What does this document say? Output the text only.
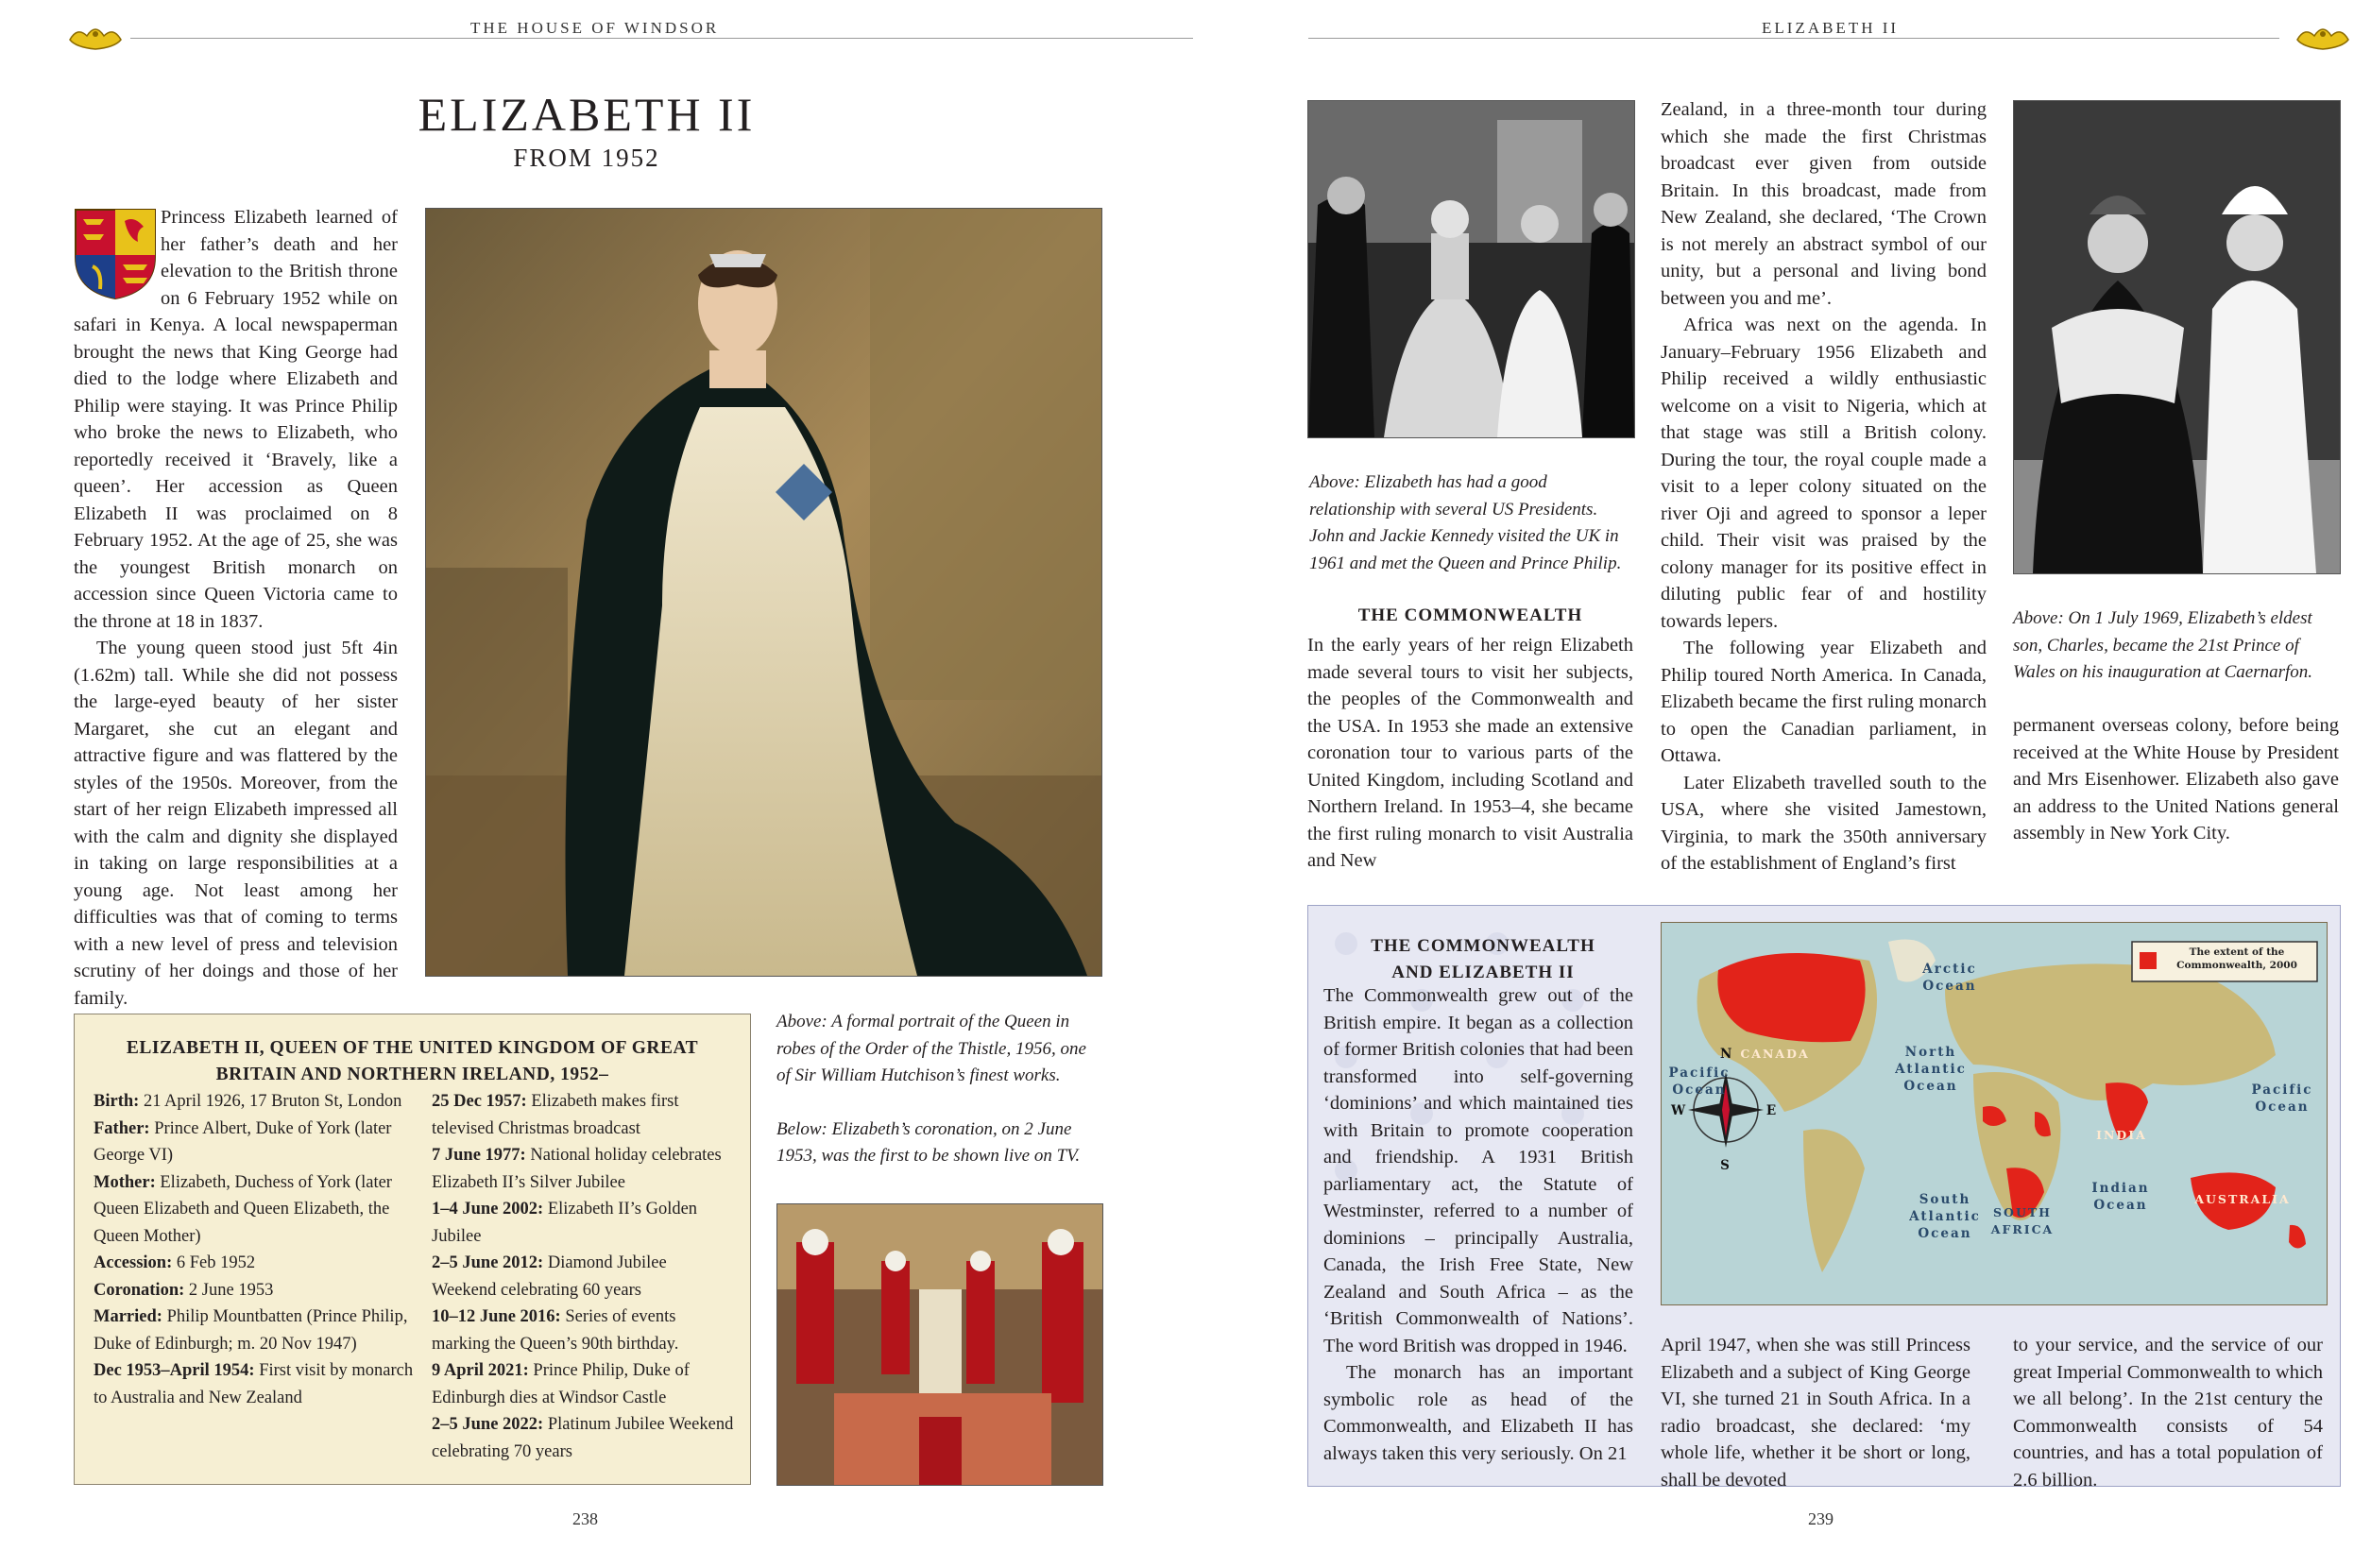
THE HOUSE OF WINDSOR
ELIZABETH II
FROM 1952

Princess Elizabeth learned of her father’s death and her elevation to the British throne on 6 February 1952 while on safari in Kenya. A local newspaperman brought the news that King George had died to the lodge where Elizabeth and Philip were staying. It was Prince Philip who broke the news to Elizabeth, who reportedly received it ‘Bravely, like a queen’. Her accession as Queen Elizabeth II was proclaimed on 8 February 1952. At the age of 25, she was the youngest British monarch on accession since Queen Victoria came to the throne at 18 in 1837.

The young queen stood just 5ft 4in (1.62m) tall. While she did not possess the large-eyed beauty of her sister Margaret, she cut an elegant and attractive figure and was flattered by the styles of the 1950s. Moreover, from the start of her reign Elizabeth impressed all with the calm and dignity she displayed in taking on large responsibilities at a young age. Not least among her difficulties was that of coming to terms with a new level of press and television scrutiny of her doings and those of her family.

Above: A formal portrait of the Queen in robes of the Order of the Thistle, 1956, one of Sir William Hutchison’s finest works.

Below: Elizabeth’s coronation, on 2 June 1953, was the first to be shown live on TV.

ELIZABETH II, QUEEN OF THE UNITED KINGDOM OF GREAT BRITAIN AND NORTHERN IRELAND, 1952–
Birth: 21 April 1926, 17 Bruton St, London
Father: Prince Albert, Duke of York (later George VI)
Mother: Elizabeth, Duchess of York (later Queen Elizabeth and Queen Elizabeth, the Queen Mother)
Accession: 6 Feb 1952
Coronation: 2 June 1953
Married: Philip Mountbatten (Prince Philip, Duke of Edinburgh; m. 20 Nov 1947)
Dec 1953–April 1954: First visit by monarch to Australia and New Zealand
25 Dec 1957: Elizabeth makes first televised Christmas broadcast
7 June 1977: National holiday celebrates Elizabeth II’s Silver Jubilee
1–4 June 2002: Elizabeth II’s Golden Jubilee
2–5 June 2012: Diamond Jubilee Weekend celebrating 60 years
10–12 June 2016: Series of events marking the Queen’s 90th birthday.
9 April 2021: Prince Philip, Duke of Edinburgh dies at Windsor Castle
2–5 June 2022: Platinum Jubilee Weekend celebrating 70 years
238
ELIZABETH II
Above: Elizabeth has had a good relationship with several US Presidents. John and Jackie Kennedy visited the UK in 1961 and met the Queen and Prince Philip.
THE COMMONWEALTH

In the early years of her reign Elizabeth made several tours to visit her subjects, the peoples of the Commonwealth and the USA. In 1953 she made an extensive coronation tour to various parts of the United Kingdom, including Scotland and Northern Ireland. In 1953–4, she became the first ruling monarch to visit Australia and New

Zealand, in a three-month tour during which she made the first Christmas broadcast ever given from outside Britain. In this broadcast, made from New Zealand, she declared, ‘The Crown is not merely an abstract symbol of our unity, but a personal and living bond between you and me’.

Africa was next on the agenda. In January–February 1956 Elizabeth and Philip received a wildly enthusiastic welcome on a visit to Nigeria, which at that stage was still a British colony. During the tour, the royal couple made a visit to a leper colony situated on the river Oji and agreed to sponsor a leper child. Their visit was praised by the colony manager for its positive effect in diluting public fear of and hostility towards lepers.

The following year Elizabeth and Philip toured North America. In Canada, Elizabeth became the first ruling monarch to open the Canadian parliament, in Ottawa.

Later Elizabeth travelled south to the USA, where she visited Jamestown, Virginia, to mark the 350th anniversary of the establishment of England’s first

Above: On 1 July 1969, Elizabeth’s eldest son, Charles, became the 21st Prince of Wales on his inauguration at Caernarfon.

permanent overseas colony, before being received at the White House by President and Mrs Eisenhower. Elizabeth also gave an address to the United Nations general assembly in New York City.

THE COMMONWEALTH AND ELIZABETH II

The Commonwealth grew out of the British empire. It began as a collection of former British colonies that had been transformed into self-governing ‘dominions’ and which maintained ties with Britain to promote cooperation and friendship. A 1931 British parliamentary act, the Statute of Westminster, referred to a number of dominions – principally Australia, Canada, the Irish Free State, New Zealand and South Africa – as the ‘British Commonwealth of Nations’. The word British was dropped in 1946.

The monarch has an important symbolic role as head of the Commonwealth, and Elizabeth II has always taken this very seriously. On 21

April 1947, when she was still Princess Elizabeth and a subject of King George VI, she turned 21 in South Africa. In a radio broadcast, she declared: ‘my whole life, whether it be short or long, shall be devoted

to your service, and the service of our great Imperial Commonwealth to which we all belong’. In the 21st century the Commonwealth consists of 54 countries, and has a total population of 2.6 billion.

The extent of the Commonwealth, 2000
Arctic Ocean
North Atlantic Ocean
Pacific Ocean	Pacific Ocean
South Atlantic Ocean
Indian Ocean
CANADA
INDIA
AUSTRALIA
SOUTH AFRICA
N
S
E
W
239
